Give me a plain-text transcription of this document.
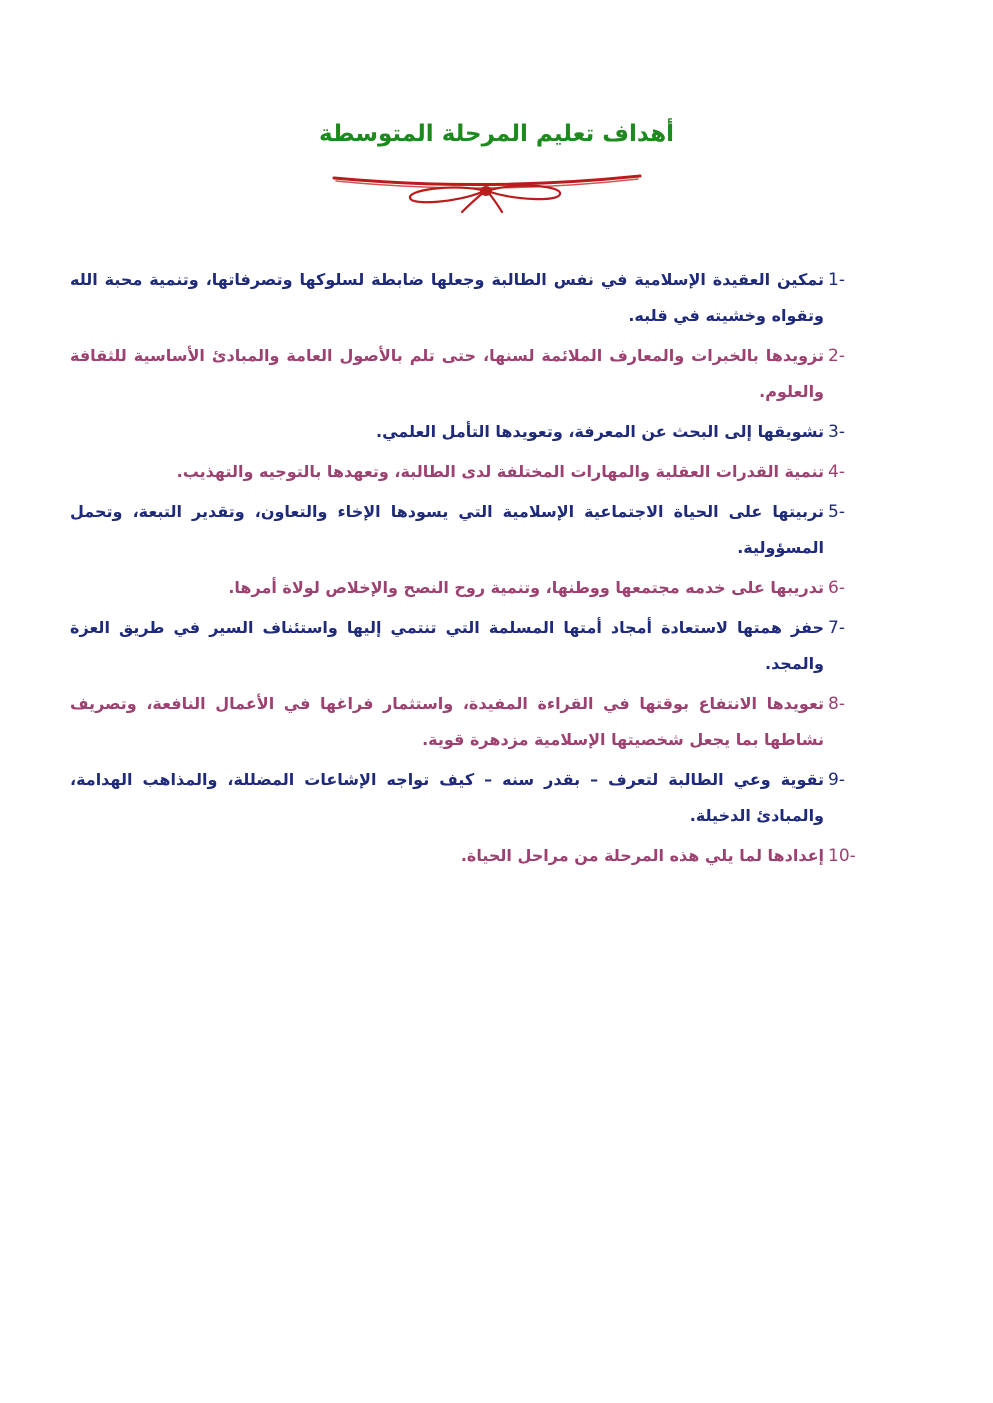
أهداف تعليم المرحلة المتوسطة
1-
تمكين العقيدة الإسلامية في نفس الطالبة وجعلها ضابطة لسلوكها وتصرفاتها، وتنمية محبة الله وتقواه وخشيته في قلبه.
2-
تزويدها بالخبرات والمعارف الملائمة لسنها، حتى تلم بالأصول العامة والمبادئ الأساسية للثقافة والعلوم.
3-
تشويقها إلى البحث عن المعرفة، وتعويدها التأمل العلمي.
4-
تنمية القدرات العقلية والمهارات المختلفة لدى الطالبة، وتعهدها بالتوجيه والتهذيب.
5-
تربيتها على الحياة الاجتماعية الإسلامية التي يسودها الإخاء والتعاون، وتقدير التبعة، وتحمل المسؤولية.
6-
تدريبها على خدمه مجتمعها ووطنها، وتنمية روح النصح والإخلاص لولاة أمرها.
7-
حفز همتها لاستعادة أمجاد أمتها المسلمة التي تنتمي إليها واستئناف السير في طريق العزة والمجد.
8-
تعويدها الانتفاع بوقتها في القراءة المفيدة، واستثمار فراغها في الأعمال النافعة، وتصريف نشاطها بما يجعل شخصيتها الإسلامية مزدهرة قوية.
9-
تقوية وعي الطالبة لتعرف – بقدر سنه – كيف تواجه الإشاعات المضللة، والمذاهب الهدامة، والمبادئ الدخيلة.
10-
إعدادها لما يلي هذه المرحلة من مراحل الحياة.
